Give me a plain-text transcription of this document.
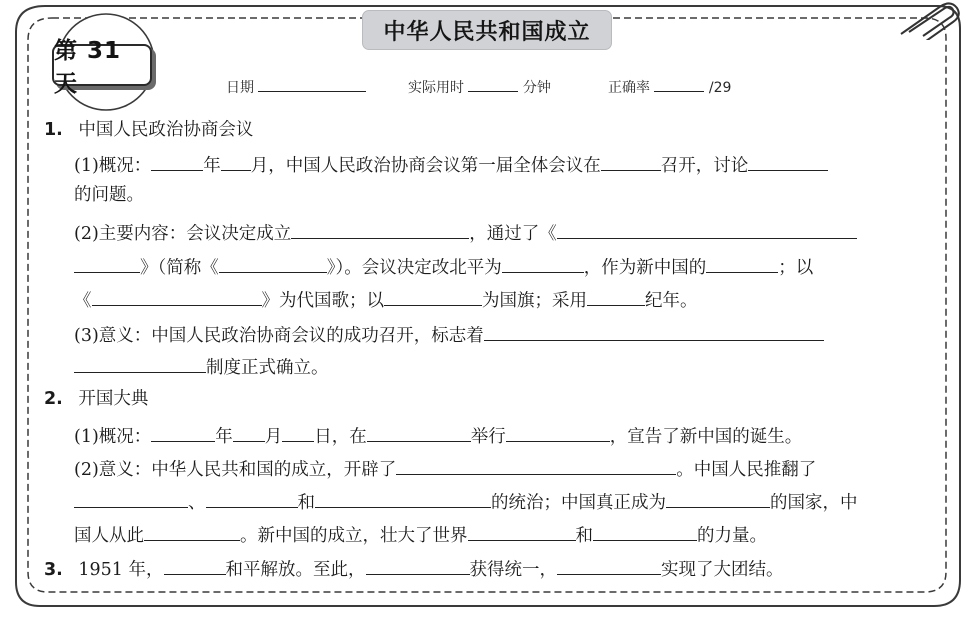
中华人民共和国成立
第 31 天	日期	实际用时	分钟	正确率	/29
1. 中国人民政治协商会议
(1)概况：	年 月，中国人民政治协商会议第一届全体会议在	召开，讨论
的问题。
(2)主要内容：会议决定成立	，通过了《
》（简称《	》）。会议决定改北平为	，作为新中国的	；以
《	》为代国歌；以	为国旗；采用	纪年。
(3)意义：中国人民政治协商会议的成功召开，标志着
制度正式确立。
2. 开国大典
(1)概况：	年 月 日，在	举行	，宣告了新中国的诞生。
(2)意义：中华人民共和国的成立，开辟了	。中国人民推翻了
、	和	的统治；中国真正成为	的国家，中
国人从此	。新中国的成立，壮大了世界	和	的力量。
3. 1951 年，	和平解放。至此，	获得统一，	实现了大团结。
